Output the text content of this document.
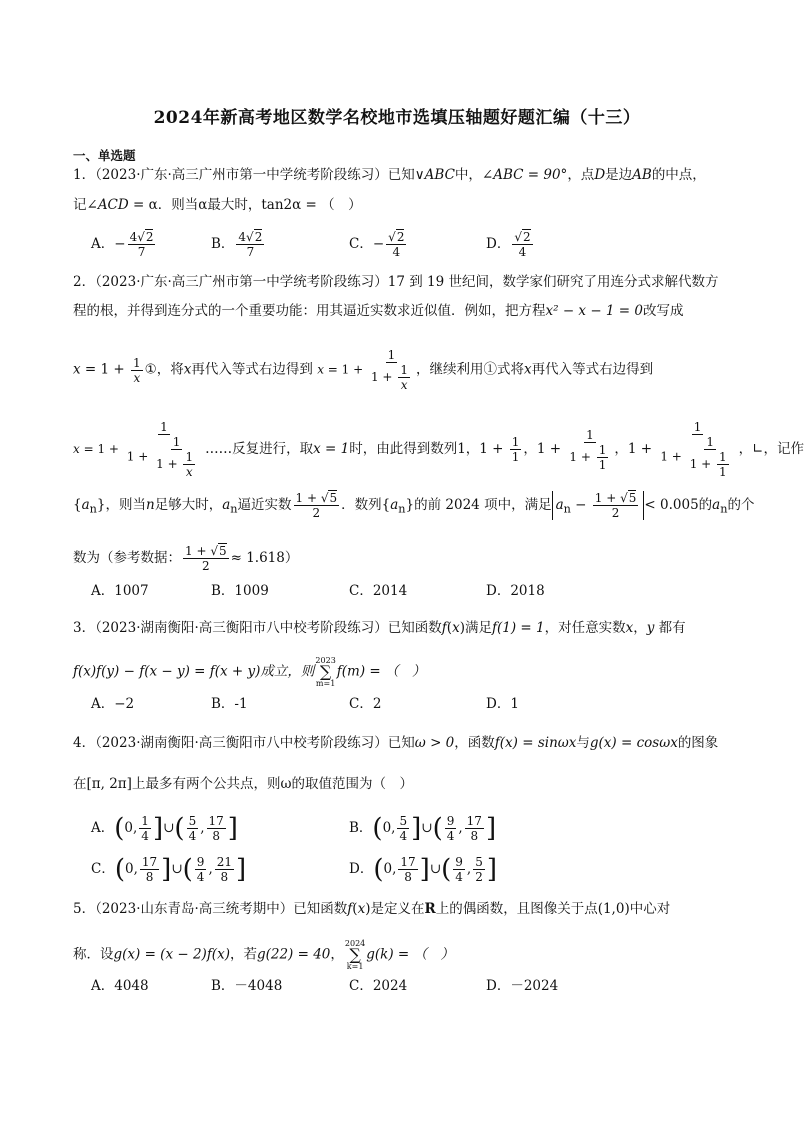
2024年新高考地区数学名校地市选填压轴题好题汇编（十三）
一、单选题
1．（2023·广东·高三广州市第一中学统考阶段练习）已知∨ABC中，∠ABC = 90°，点D是边AB的中点，
记∠ACD = α．则当α最大时，tan2α = （　）
A．− $\frac{4√2}{7}$	B． $\frac{4√2}{7}$	C．− $\frac{√2}{4}$	D． $\frac{√2}{4}$
2．（2023·广东·高三广州市第一中学统考阶段练习）17 到 19 世纪间，数学家们研究了用连分式求解代数方
程的根，并得到连分式的一个重要功能：用其逼近实数求近似值．例如，把方程x² − x − 1 = 0改写成
$x = 1 + \frac{1}{x}$ ①，将x再代入等式右边得到 $x = 1 + \frac{1}{1 + \frac{1}{x}}$ ，继续利用①式将x再代入等式右边得到
$x = 1 + \frac{1}{1 + \frac{1}{1 + \frac{1}{x}}}$ ……反复进行，取x = 1时，由此得到数列1，$1 + \frac{1}{1}$ ，$1 + \frac{1}{1 + \frac{1}{1}}$ ，$1 + \frac{1}{1 + \frac{1}{1 + \frac{1}{1}}}$ ，∟，记作
$\{a_n\}$，则当n足够大时，$a_n$逼近实数 $\frac{1 + √5}{2}$ ．数列$\{a_n\}$的前 2024 项中，满足 $a_n - \frac{1 + √5}{2} < 0.005$的$a_n$的个
数为（参考数据： $\frac{1 + √5}{2} \approx 1.618$）
A．1007	B．1009	C．2014	D．2018
3．（2023·湖南衡阳·高三衡阳市八中校考阶段练习）已知函数f(x)满足f(1) = 1，对任意实数x，y 都有
f(x)f(y) − f(x − y) = f(x + y)成立，则
2023
∑
m=1
f(m) = （　）
A．−2	B．-1	C．2	D．1
4．（2023·湖南衡阳·高三衡阳市八中校考阶段练习）已知ω > 0，函数f(x) = sinωx与g(x) = cosωx的图象
在[π, 2π]上最多有两个公共点，则ω的取值范围为（　）
A．(0, $\frac{1}{4}$ ]∪( $\frac{5}{4}$ , $\frac{17}{8}$ ]	B．(0, $\frac{5}{4}$ ]∪( $\frac{9}{4}$ , $\frac{17}{8}$ ]
C．(0, $\frac{17}{8}$ ]∪( $\frac{9}{4}$ , $\frac{21}{8}$ ]	D．(0, $\frac{17}{8}$ ]∪( $\frac{9}{4}$ , $\frac{5}{2}$ ]
5．（2023·山东青岛·高三统考期中）已知函数f(x)是定义在R上的偶函数，且图像关于点(1,0)中心对
称．设g(x) = (x − 2)f(x)，若g(22) = 40，
2024
∑
k=1
g(k) = （　）
A．4048	B．－4048	C．2024	D．－2024
